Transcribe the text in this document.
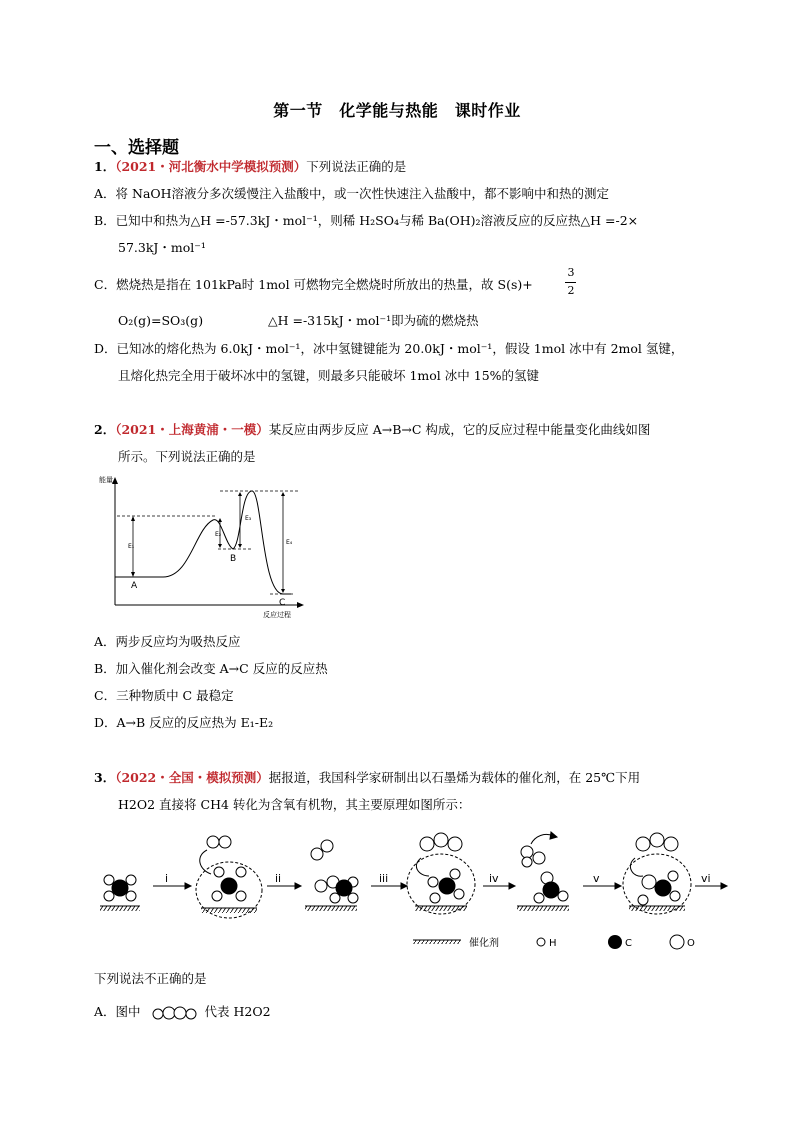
第一节　化学能与热能　课时作业
一、选择题
1．（2021・河北衡水中学模拟预测）下列说法正确的是
A．将 NaOH溶液分多次缓慢注入盐酸中，或一次性快速注入盐酸中，都不影响中和热的测定
B．已知中和热为△H =-57.3kJ・mol⁻¹，则稀 H₂SO₄与稀 Ba(OH)₂溶液反应的反应热△H =-2×
57.3kJ・mol⁻¹
C．燃烧热是指在 101kPa时 1mol 可燃物完全燃烧时所放出的热量，故 S(s)+
3
2
O₂(g)=SO₃(g)	△H =-315kJ・mol⁻¹即为硫的燃烧热
D．已知冰的熔化热为 6.0kJ・mol⁻¹，冰中氢键键能为 20.0kJ・mol⁻¹，假设 1mol 冰中有 2mol 氢键，
且熔化热完全用于破坏冰中的氢键，则最多只能破坏 1mol 冰中 15%的氢键
2．（2021・上海黄浦・一模）某反应由两步反应 A→B→C 构成，它的反应过程中能量变化曲线如图
所示。下列说法正确的是
能量
反应过程
E₁
E₂
E₃
E₄
A
B
C
A．两步反应均为吸热反应
B．加入催化剂会改变 A→C 反应的反应热
C．三种物质中 C 最稳定
D．A→B 反应的反应热为 E₁-E₂
3．（2022・全国・模拟预测）据报道，我国科学家研制出以石墨烯为载体的催化剂，在 25℃下用
H2O2 直接将 CH4 转化为含氧有机物，其主要原理如图所示：
i	ii	iii	iv	v	vi
催化剂	H	C	O
下列说法不正确的是
A．图中	代表 H2O2
